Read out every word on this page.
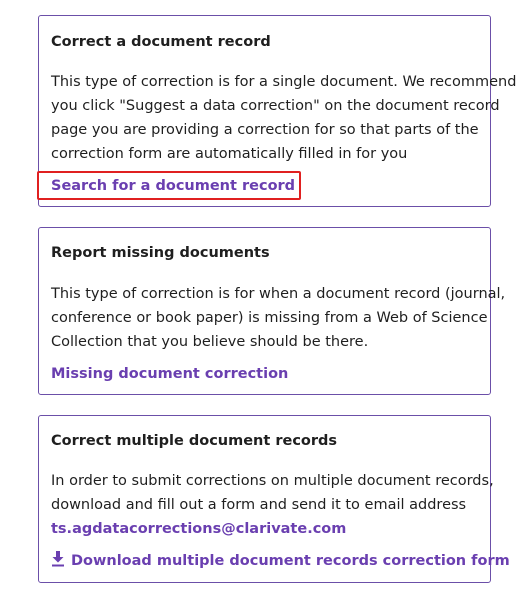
Correct a document record
This type of correction is for a single document. We recommend
you click "Suggest a data correction" on the document record
page you are providing a correction for so that parts of the
correction form are automatically filled in for you
Search for a document record
Report missing documents
This type of correction is for when a document record (journal,
conference or book paper) is missing from a Web of Science
Collection that you believe should be there.
Missing document correction
Correct multiple document records
In order to submit corrections on multiple document records,
download and fill out a form and send it to email address
ts.agdatacorrections@clarivate.com
Download multiple document records correction form
